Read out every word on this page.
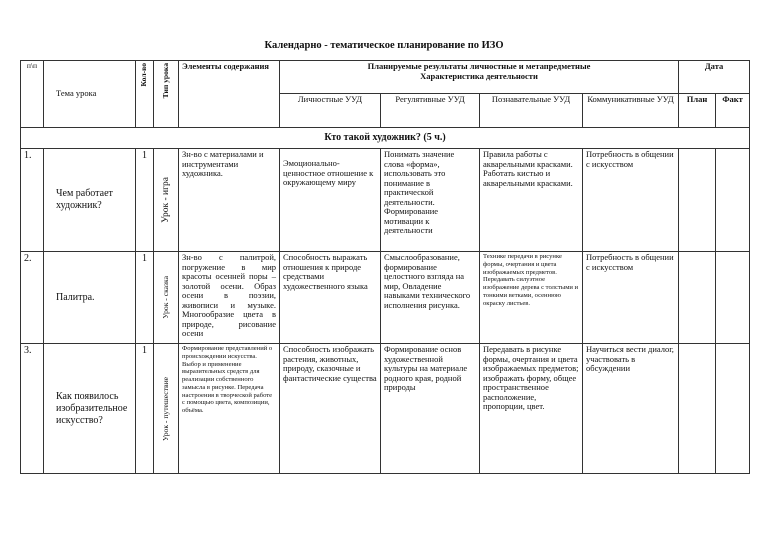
Календарно - тематическое планирование по ИЗО
п\п	Тема урока	Кол-во	Тип урока	Элементы содержания	Планируемые результаты личностные и метапредметные
Характеристика деятельности				Дата	
					Личностные УУД	Регулятивные УУД	Познавательные УУД	Коммуникативные УУД	План	Факт
Кто такой художник? (5 ч.)										
1.	Чем работает художник?	1	Урок - игра	Зн-во с материалами и инструментами художника.	Эмоционально-ценностное отношение к окружающему миру	Понимать значение слова «форма», использовать это понимание в практической деятельности. Формирование мотивации к деятельности	Правила работы с акварельными красками. Работать кистью и акварельными красками.	Потребность в общении с искусством		
2.	Палитра.	1	Урок - сказка	Зн-во с палитрой, погружение в мир красоты осенней поры – золотой осени. Образ осени в поэзии, живописи и музыке. Многообразие цвета в природе, рисование осени	Способность выражать отношения к природе средствами художественного языка	Смыслообразование, формирование целостного взгляда на мир, Овладение навыками технического исполнения рисунка.	Технике передачи в рисунке формы, очертания и цвета изображаемых предметов. Передавать силуэтное изображение дерева с толстыми и тонкими ветками, осеннюю окраску листьев.	Потребность в общении с искусством		
3.	Как появилось изобразительное искусство?	1	Урок - путешествие	Формирование представлений о происхождении искусства. Выбор и применение выразительных средств для реализации собственного замысла в рисунке. Передача настроения в творческой работе с помощью цвета, композиции, объёма.	Способность изображать растения, животных, природу, сказочные и фантастические существа	Формирование основ художественной культуры на материале родного края, родной природы	Передавать в рисунке формы, очертания и цвета изображаемых предметов; изображать форму, общее пространственное расположение, пропорции, цвет.	Научиться вести диалог, участвовать в обсуждении		
